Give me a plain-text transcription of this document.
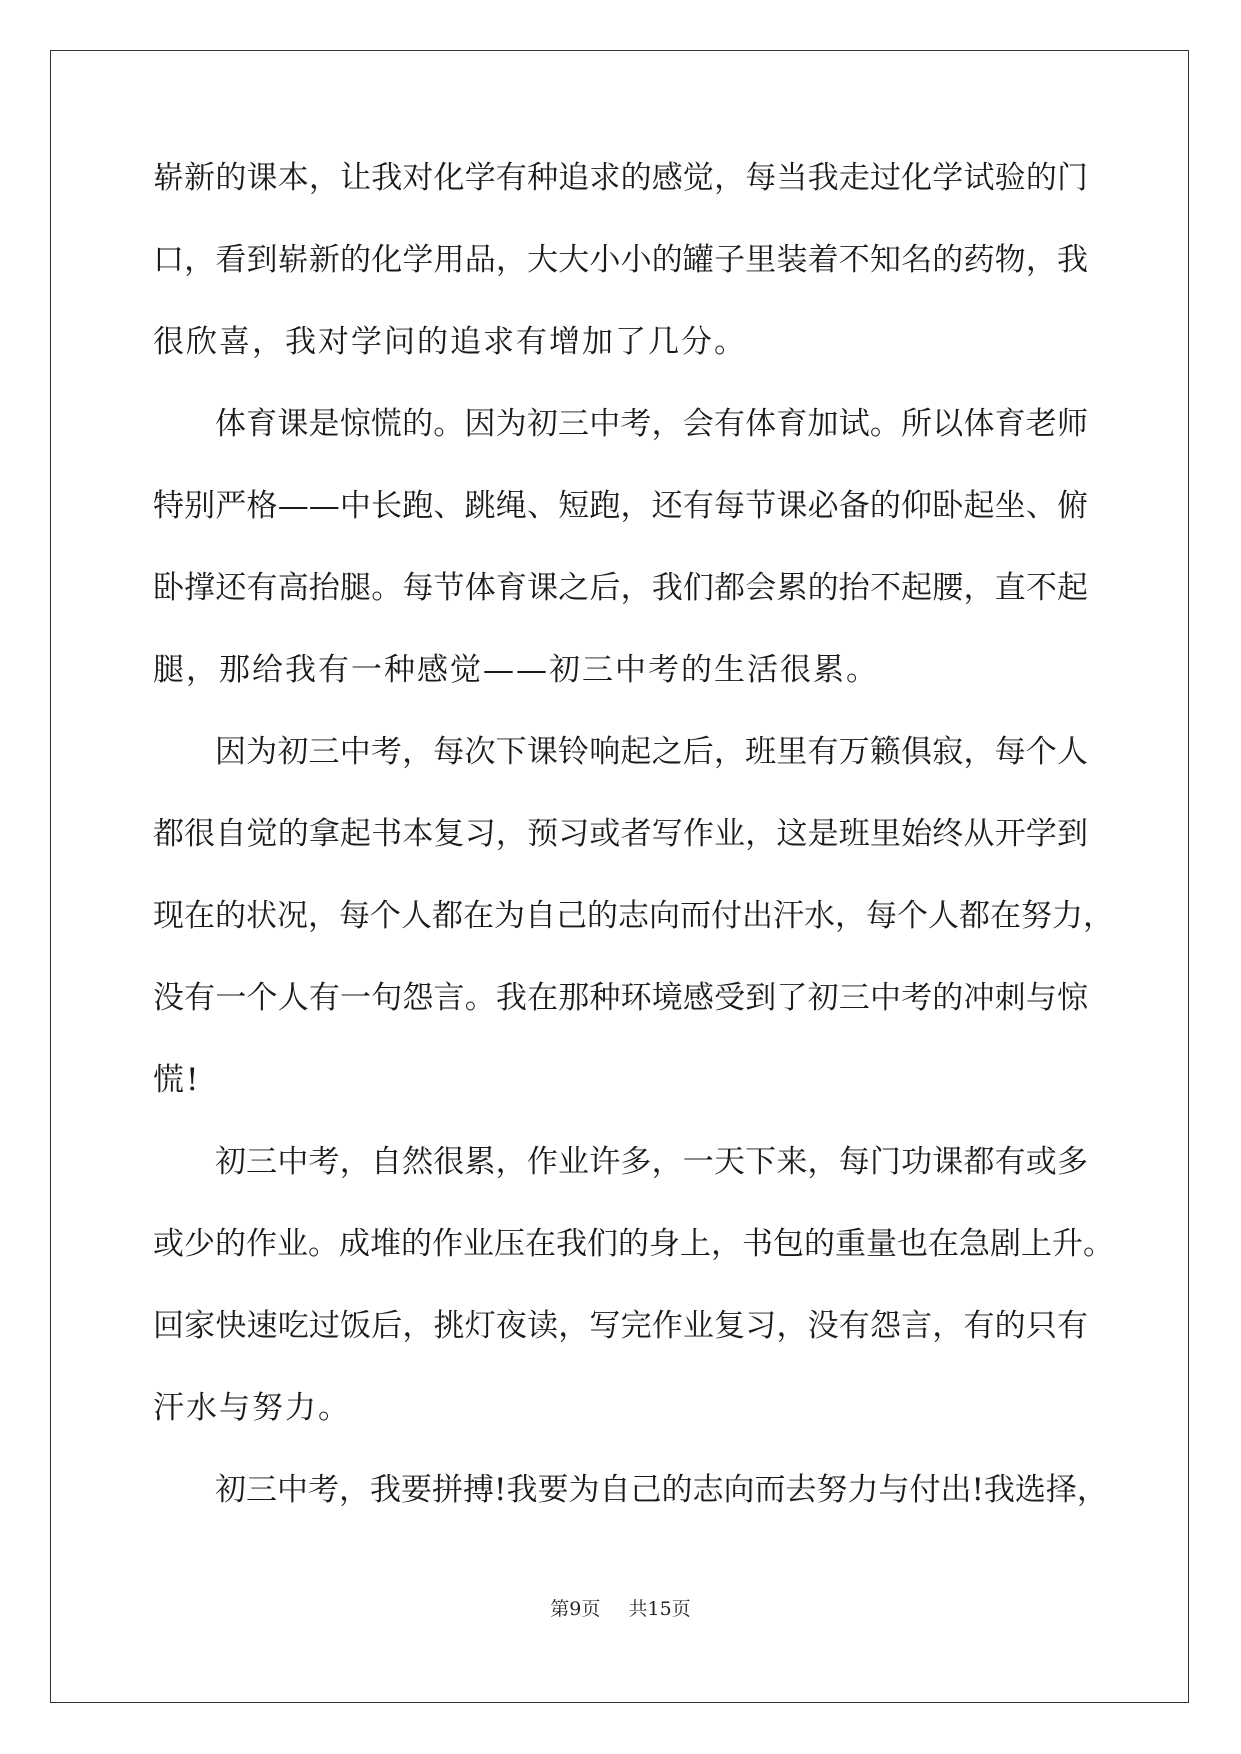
崭新的课本，让我对化学有种追求的感觉，每当我走过化学试验的门
口，看到崭新的化学用品，大大小小的罐子里装着不知名的药物，我
很欣喜，我对学问的追求有增加了几分。
体育课是惊慌的。因为初三中考，会有体育加试。所以体育老师
特别严格——中长跑、跳绳、短跑，还有每节课必备的仰卧起坐、俯
卧撑还有高抬腿。每节体育课之后，我们都会累的抬不起腰，直不起
腿，那给我有一种感觉——初三中考的生活很累。
因为初三中考，每次下课铃响起之后，班里有万籁俱寂，每个人
都很自觉的拿起书本复习，预习或者写作业，这是班里始终从开学到
现在的状况，每个人都在为自己的志向而付出汗水，每个人都在努力，
没有一个人有一句怨言。我在那种环境感受到了初三中考的冲刺与惊
慌!
初三中考，自然很累，作业许多，一天下来，每门功课都有或多
或少的作业。成堆的作业压在我们的身上，书包的重量也在急剧上升。
回家快速吃过饭后，挑灯夜读，写完作业复习，没有怨言，有的只有
汗水与努力。
初三中考，我要拼搏!我要为自己的志向而去努力与付出!我选择，
第9页 共15页
